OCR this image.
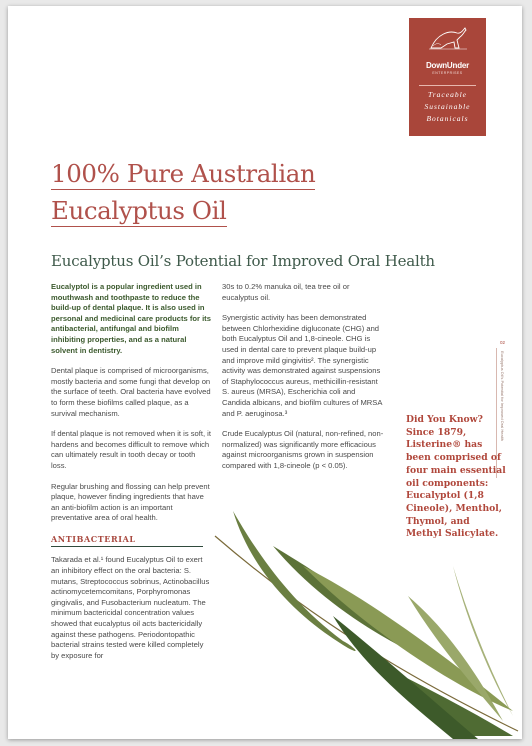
DownUnder
ENTERPRISES
Traceable
Sustainable
Botanicals
100% Pure Australian
Eucalyptus Oil
Eucalyptus Oil’s Potential for Improved Oral Health

Eucalyptol is a popular ingredient used in mouthwash and toothpaste to reduce the build-up of dental plaque. It is also used in personal and medicinal care products for its antibacterial, antifungal and biofilm inhibiting properties, and as a natural solvent in dentistry.

Dental plaque is comprised of microorganisms, mostly bacteria and some fungi that develop on the surface of teeth. Oral bacteria have evolved to form these biofilms called plaque, as a survival mechanism.

If dental plaque is not removed when it is soft, it hardens and becomes difficult to remove which can ultimately result in tooth decay or tooth loss.

Regular brushing and flossing can help prevent plaque, however finding ingredients that have an anti-biofilm action is an important preventative area of oral health.

ANTIBACTERIAL

Takarada et al.¹ found Eucalyptus Oil to exert an inhibitory effect on the oral bacteria: S. mutans, Streptococcus sobrinus, Actinobacillus actinomycetemcomitans, Porphyromonas gingivalis, and Fusobacterium nucleatum. The minimum bactericidal concentration values showed that eucalyptus oil acts bactericidally against these pathogens. Periodontopathic bacterial strains tested were killed completely by exposure for

30s to 0.2% manuka oil, tea tree oil or eucalyptus oil.

Synergistic activity has been demonstrated between Chlorhexidine digluconate (CHG) and both Eucalyptus Oil and 1,8-cineole. CHG is used in dental care to prevent plaque build-up and improve mild gingivitis². The synergistic activity was demonstrated against suspensions of Staphylococcus aureus, methicillin-resistant S. aureus (MRSA), Escherichia coli and Candida albicans, and biofilm cultures of MRSA and P. aeruginosa.³

Crude Eucalyptus Oil (natural, non-refined, non-normalized) was significantly more efficacious against microorganisms grown in suspension compared with 1,8-cineole (p < 0.05).

02
Eucalyptus Oil's Potential for Improved Oral Health
Did You Know? Since 1879, Listerine® has been comprised of four main essential oil components: Eucalyptol (1,8 Cineole), Menthol, Thymol, and Methyl Salicylate.
